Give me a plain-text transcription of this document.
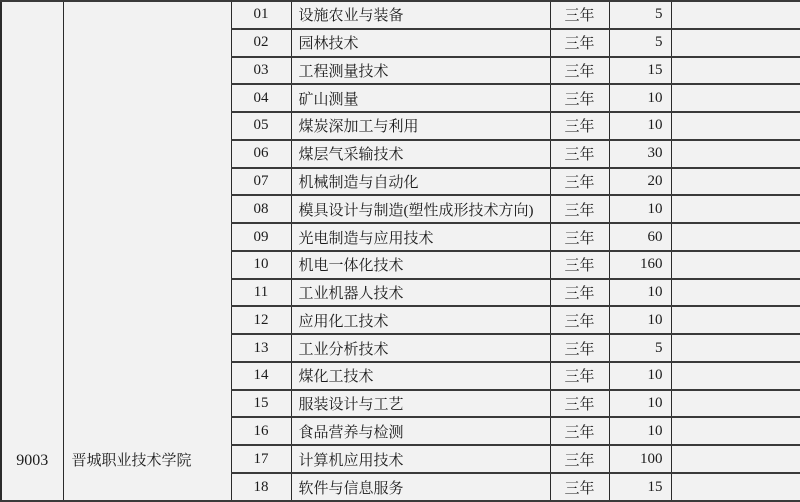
9003	晋城职业技术学院	01	设施农业与装备	三年	5	
		02	园林技术	三年	5	
		03	工程测量技术	三年	15	
		04	矿山测量	三年	10	
		05	煤炭深加工与利用	三年	10	
		06	煤层气采输技术	三年	30	
		07	机械制造与自动化	三年	20	
		08	模具设计与制造(塑性成形技术方向)	三年	10	
		09	光电制造与应用技术	三年	60	
		10	机电一体化技术	三年	160	
		11	工业机器人技术	三年	10	
		12	应用化工技术	三年	10	
		13	工业分析技术	三年	5	
		14	煤化工技术	三年	10	
		15	服装设计与工艺	三年	10	
		16	食品营养与检测	三年	10	
		17	计算机应用技术	三年	100	
		18	软件与信息服务	三年	15	
